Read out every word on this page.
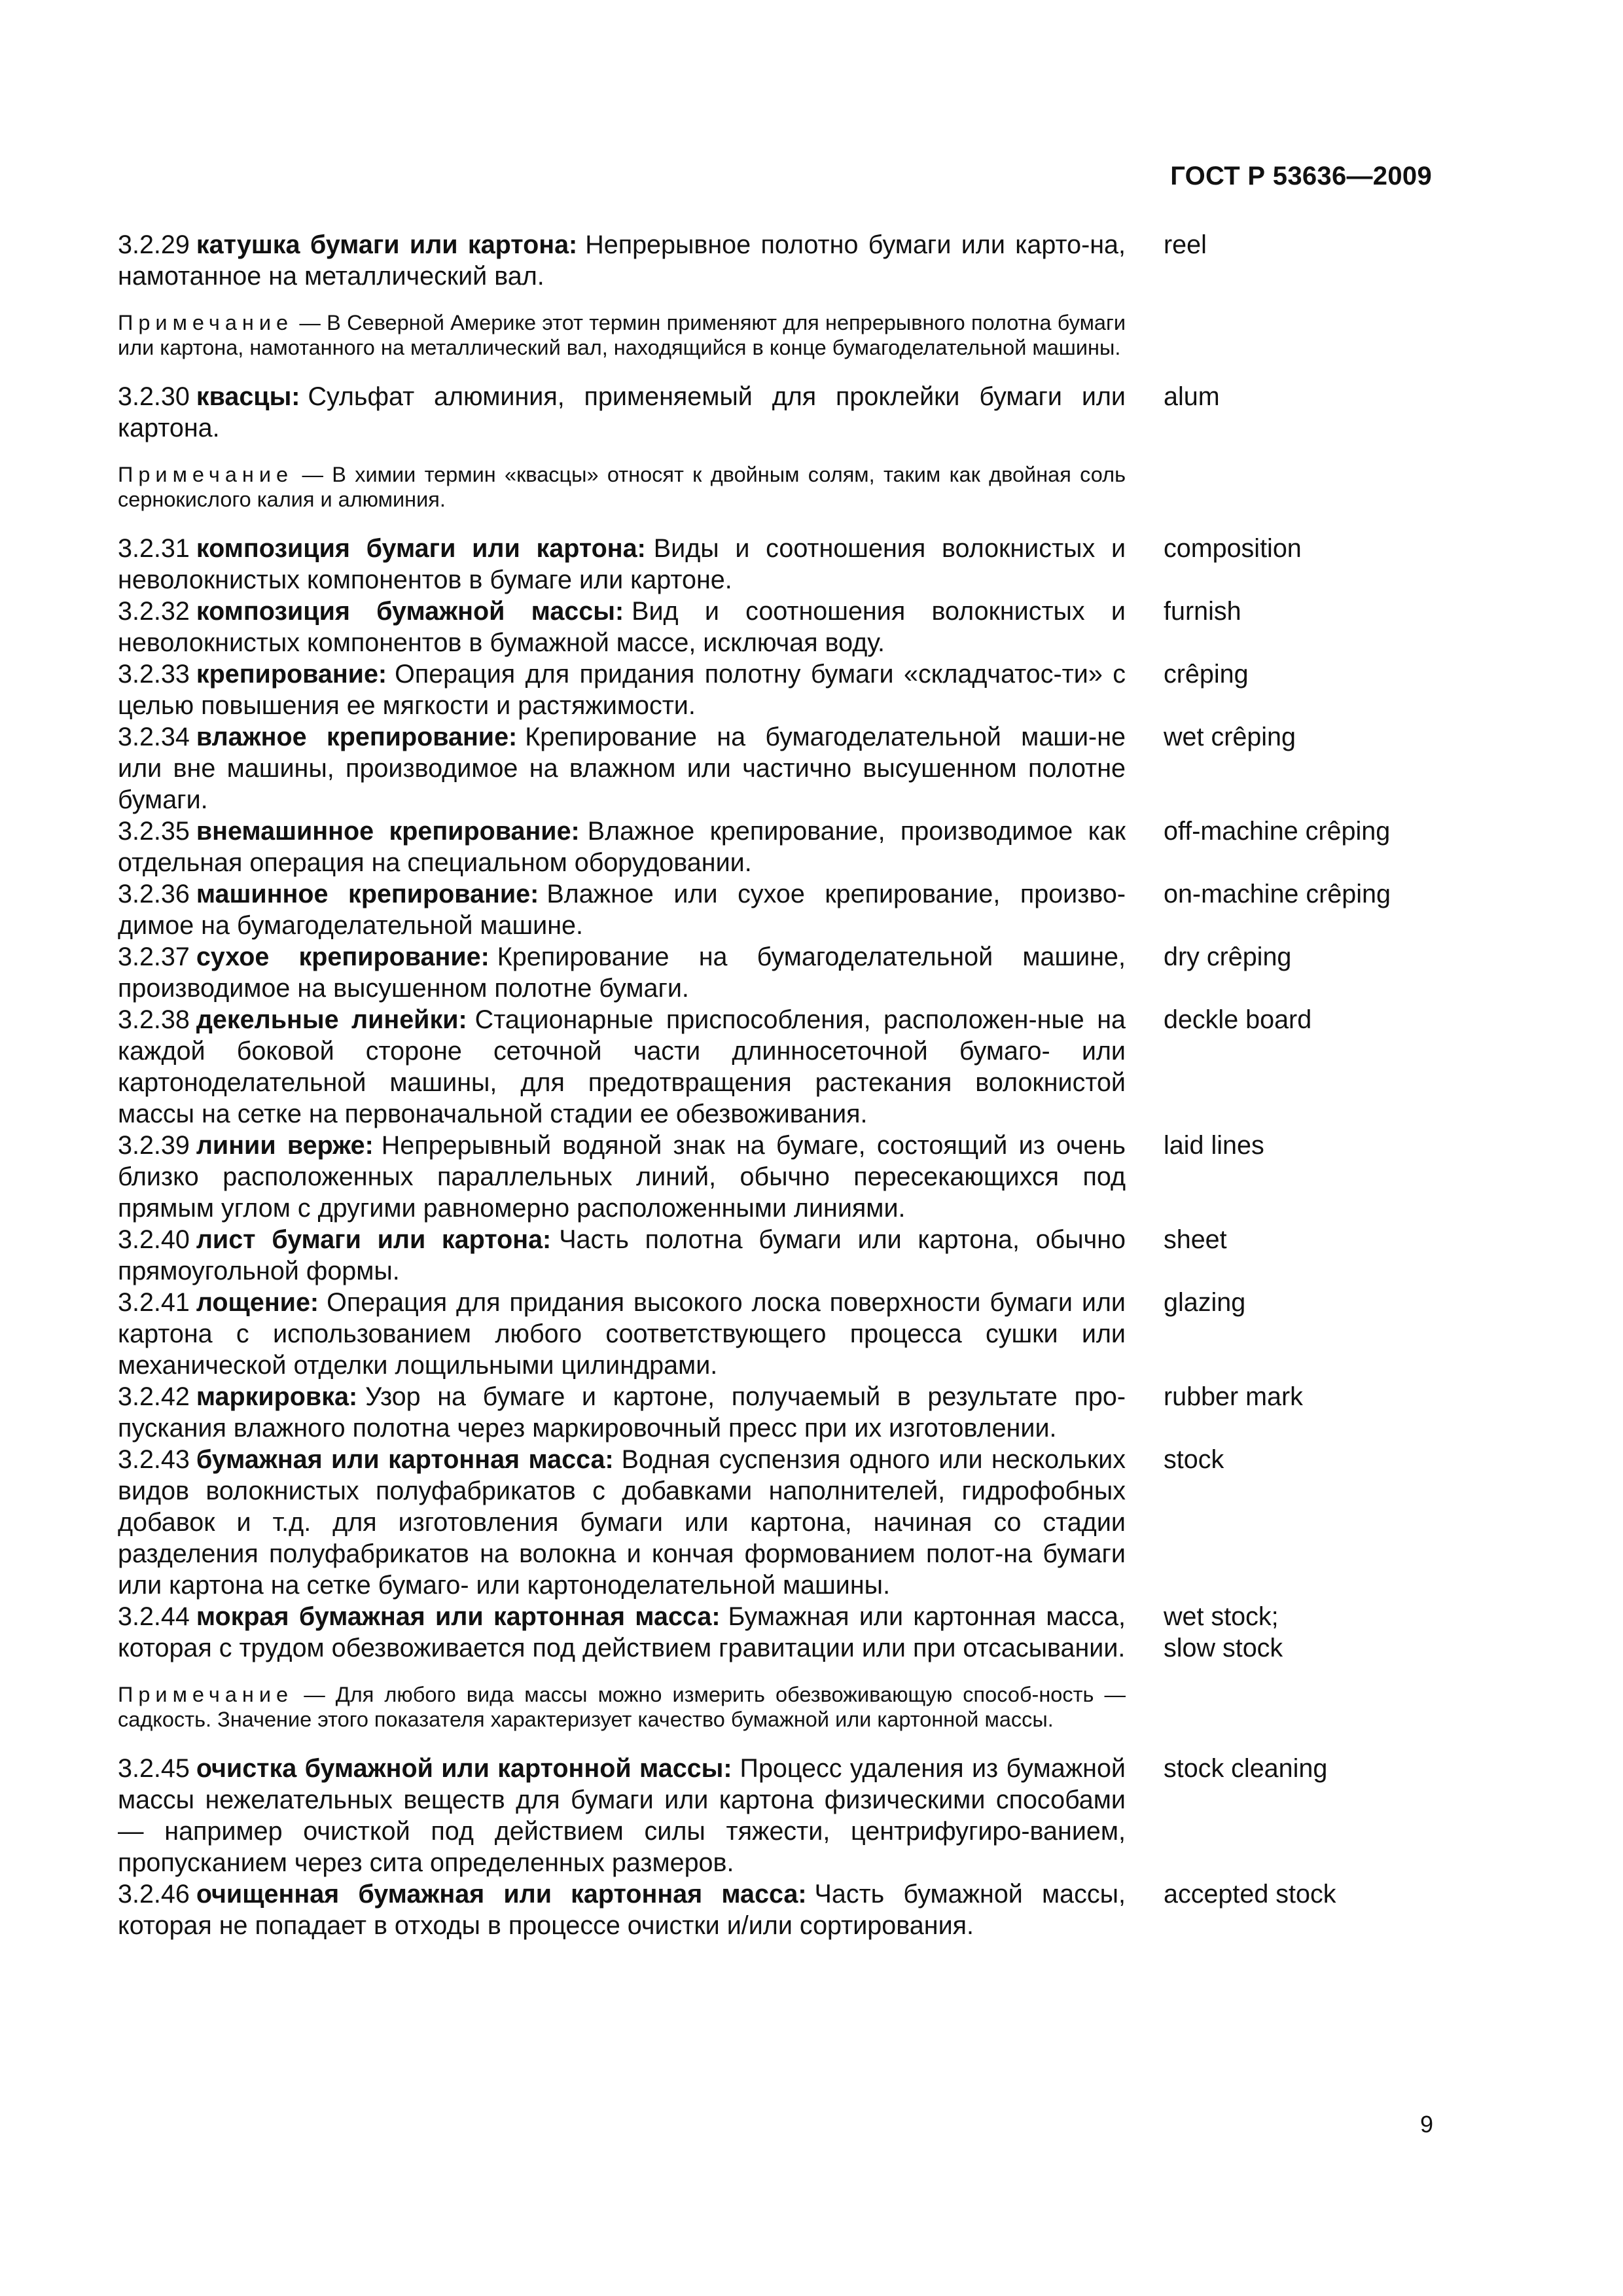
ГОСТ Р 53636—2009
3.2.29 катушка бумаги или картона: Непрерывное полотно бумаги или карто-на, намотанное на металлический вал.
reel
Примечание — В Северной Америке этот термин применяют для непрерывного полотна бумаги или картона, намотанного на металлический вал, находящийся в конце бумагоделательной машины.
3.2.30 квасцы: Сульфат алюминия, применяемый для проклейки бумаги или картона.
alum
Примечание — В химии термин «квасцы» относят к двойным солям, таким как двойная соль сернокислого калия и алюминия.
3.2.31 композиция бумаги или картона: Виды и соотношения волокнистых и неволокнистых компонентов в бумаге или картоне.
composition
3.2.32 композиция бумажной массы: Вид и соотношения волокнистых и неволокнистых компонентов в бумажной массе, исключая воду.
furnish
3.2.33 крепирование: Операция для придания полотну бумаги «складчатос-ти» с целью повышения ее мягкости и растяжимости.
crêping
3.2.34 влажное крепирование: Крепирование на бумагоделательной маши-не или вне машины, производимое на влажном или частично высушенном полотне бумаги.
wet crêping
3.2.35 внемашинное крепирование: Влажное крепирование, производимое как отдельная операция на специальном оборудовании.
off-machine crêping
3.2.36 машинное крепирование: Влажное или сухое крепирование, произво-димое на бумагоделательной машине.
on-machine crêping
3.2.37 сухое крепирование: Крепирование на бумагоделательной машине, производимое на высушенном полотне бумаги.
dry crêping
3.2.38 декельные линейки: Стационарные приспособления, расположен-ные на каждой боковой стороне сеточной части длинносеточной бумаго- или картоноделательной машины, для предотвращения растекания волокнистой массы на сетке на первоначальной стадии ее обезвоживания.
deckle board
3.2.39 линии верже: Непрерывный водяной знак на бумаге, состоящий из очень близко расположенных параллельных линий, обычно пересекающихся под прямым углом с другими равномерно расположенными линиями.
laid lines
3.2.40 лист бумаги или картона: Часть полотна бумаги или картона, обычно прямоугольной формы.
sheet
3.2.41 лощение: Операция для придания высокого лоска поверхности бумаги или картона с использованием любого соответствующего процесса сушки или механической отделки лощильными цилиндрами.
glazing
3.2.42 маркировка: Узор на бумаге и картоне, получаемый в результате про-пускания влажного полотна через маркировочный пресс при их изготовлении.
rubber mark
3.2.43 бумажная или картонная масса: Водная суспензия одного или нескольких видов волокнистых полуфабрикатов с добавками наполнителей, гидрофобных добавок и т.д. для изготовления бумаги или картона, начиная со стадии разделения полуфабрикатов на волокна и кончая формованием полот-на бумаги или картона на сетке бумаго- или картоноделательной машины.
stock
3.2.44 мокрая бумажная или картонная масса: Бумажная или картонная масса, которая с трудом обезвоживается под действием гравитации или при отсасывании.
wet stock;
slow stock
Примечание — Для любого вида массы можно измерить обезвоживающую способ-ность — садкость. Значение этого показателя характеризует качество бумажной или картонной массы.
3.2.45 очистка бумажной или картонной массы: Процесс удаления из бумажной массы нежелательных веществ для бумаги или картона физическими способами — например очисткой под действием силы тяжести, центрифугиро-ванием, пропусканием через сита определенных размеров.
stock cleaning
3.2.46 очищенная бумажная или картонная масса: Часть бумажной массы, которая не попадает в отходы в процессе очистки и/или сортирования.
accepted stock
9
